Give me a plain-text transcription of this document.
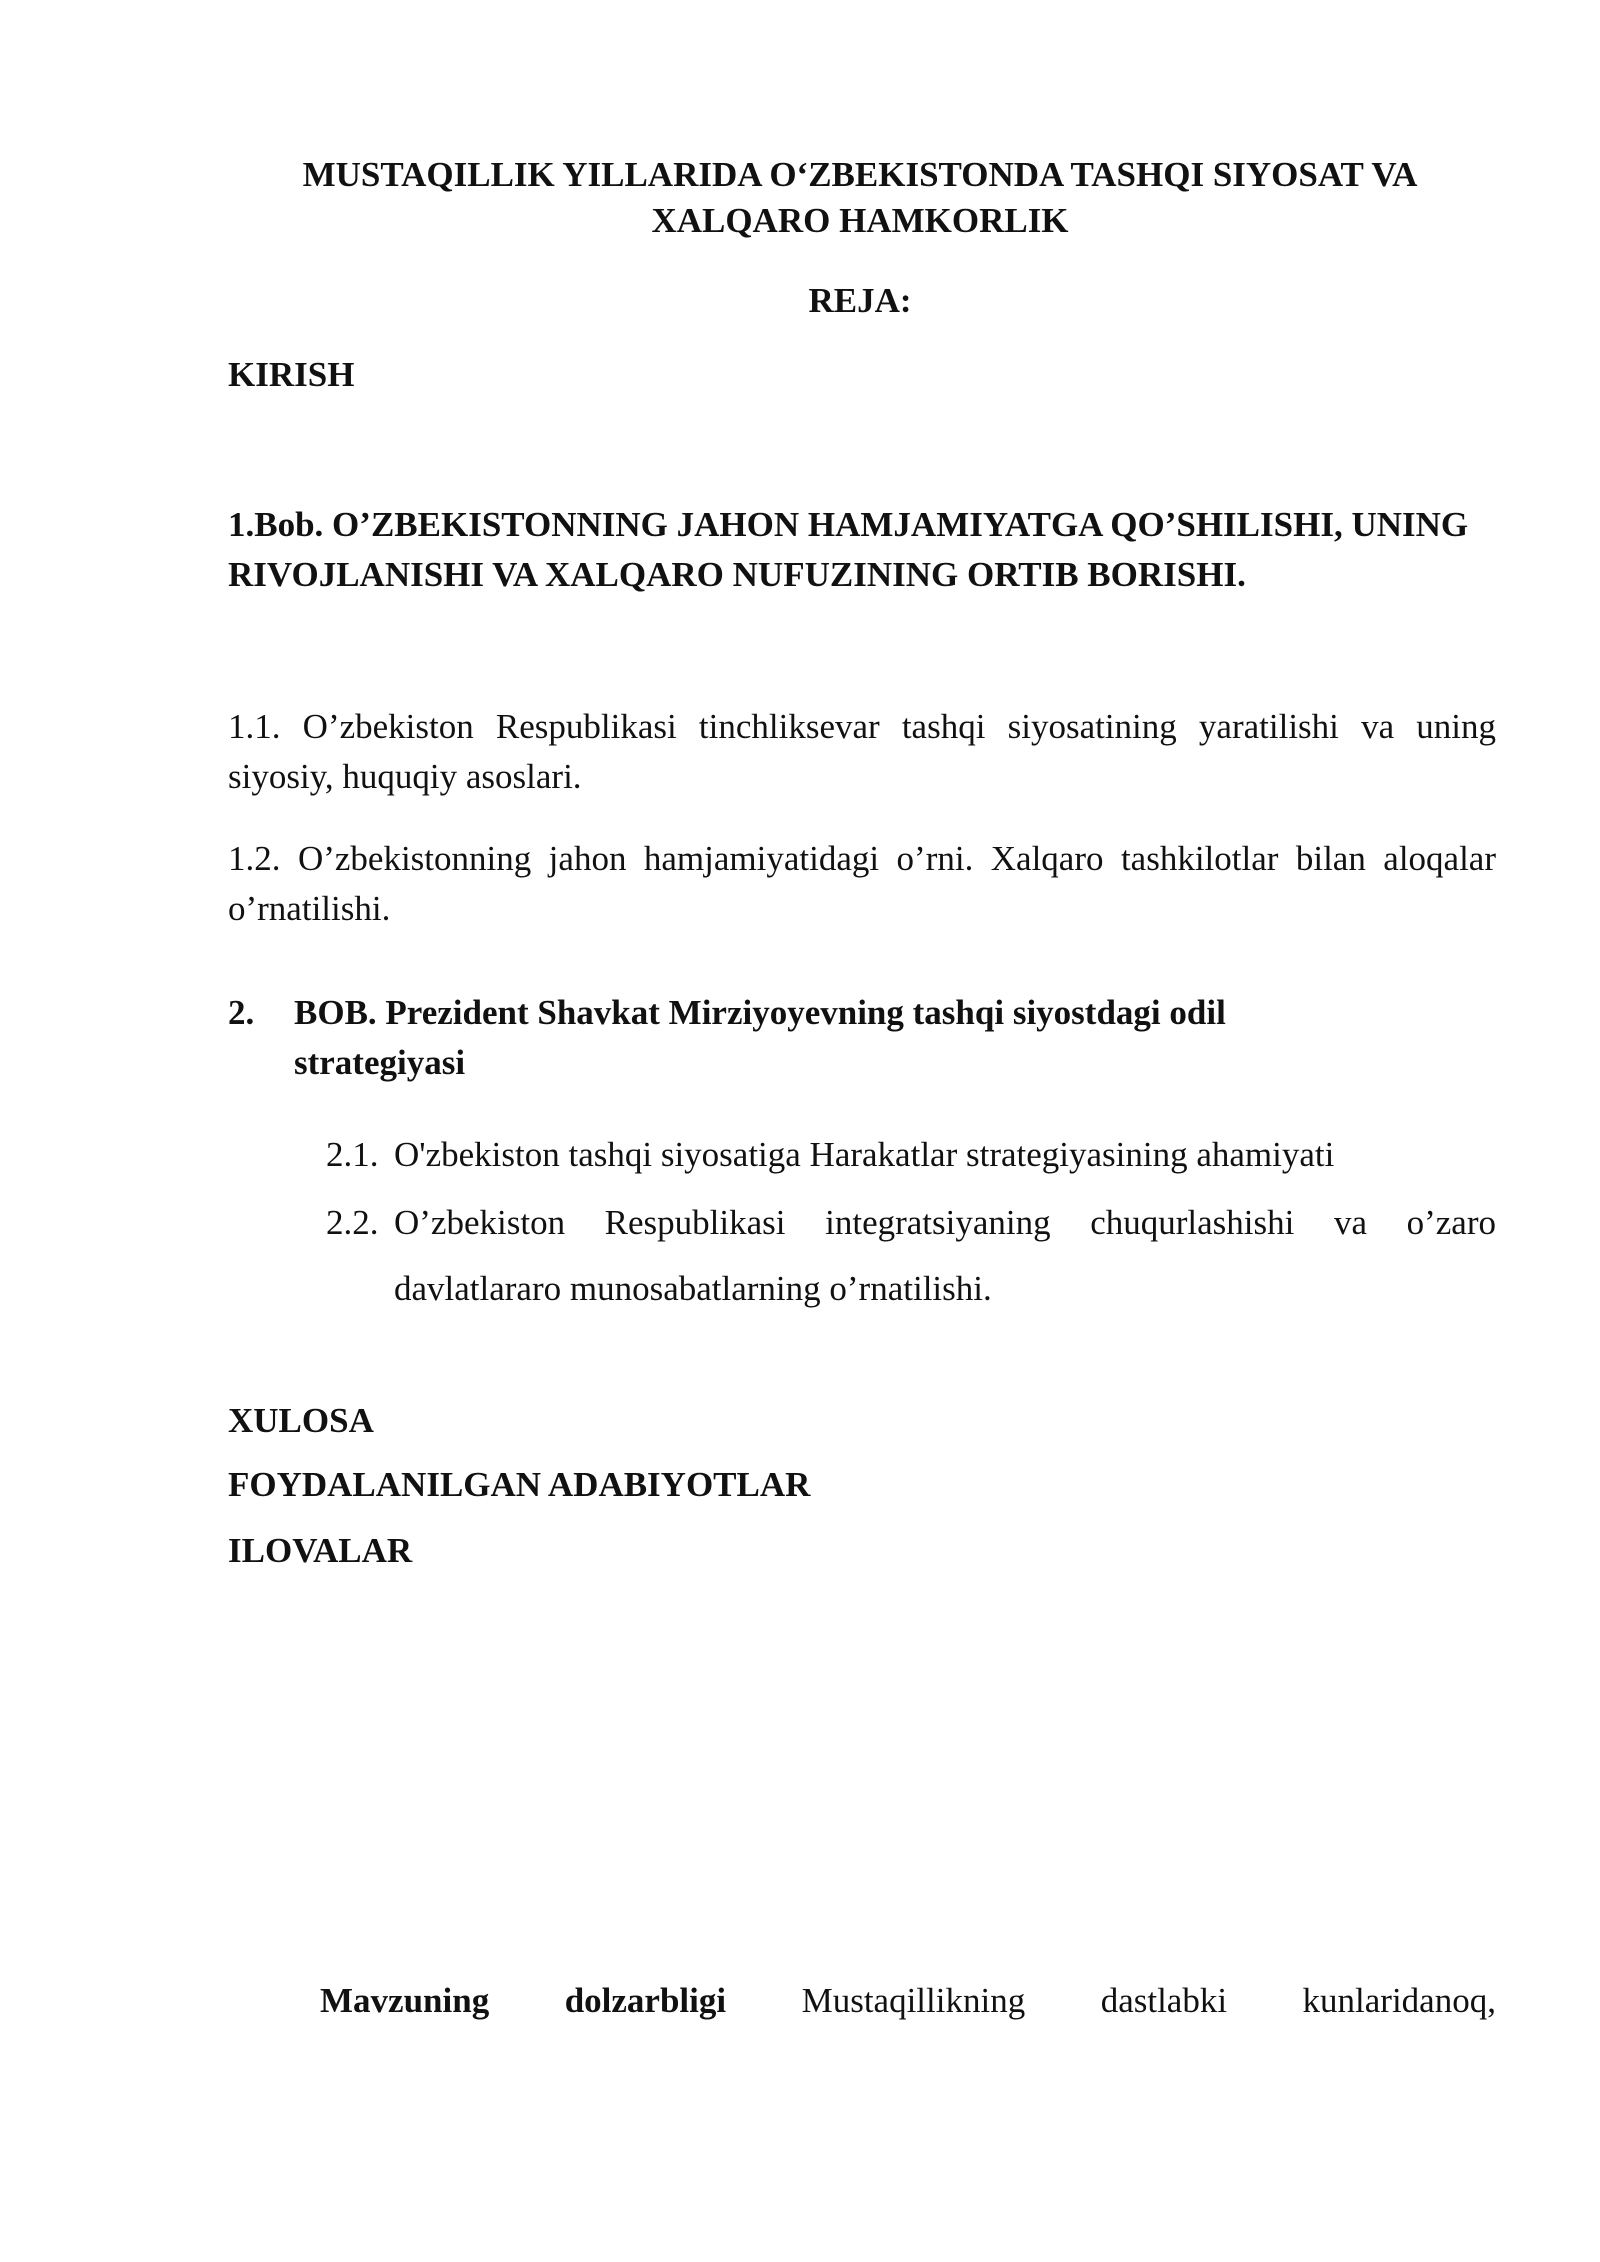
MUSTAQILLIK YILLARIDA O‘ZBEKISTONDA TASHQI SIYOSAT VA
XALQARO HAMKORLIK
REJA:
KIRISH
1.Bob. O’ZBEKISTONNING JAHON HAMJAMIYATGA QO’SHILISHI, UNING RIVOJLANISHI VA XALQARO NUFUZINING ORTIB BORISHI.
1.1. O’zbekiston Respublikasi tinchliksevar tashqi siyosatining yaratilishi va uning siyosiy, huquqiy asoslari.
1.2. O’zbekistonning jahon hamjamiyatidagi o’rni. Xalqaro tashkilotlar bilan aloqalar o’rnatilishi.
2. BOB. Prezident Shavkat Mirziyoyevning tashqi siyostdagi odil strategiyasi
2.1. O'zbekiston tashqi siyosatiga Harakatlar strategiyasining ahamiyati
2.2. O’zbekiston Respublikasi integratsiyaning chuqurlashishi va o’zaro davlatlararo munosabatlarning o’rnatilishi.
XULOSA
FOYDALANILGAN ADABIYOTLAR
ILOVALAR
Mavzuning dolzarbligi Mustaqillikning dastlabki kunlaridanoq,
